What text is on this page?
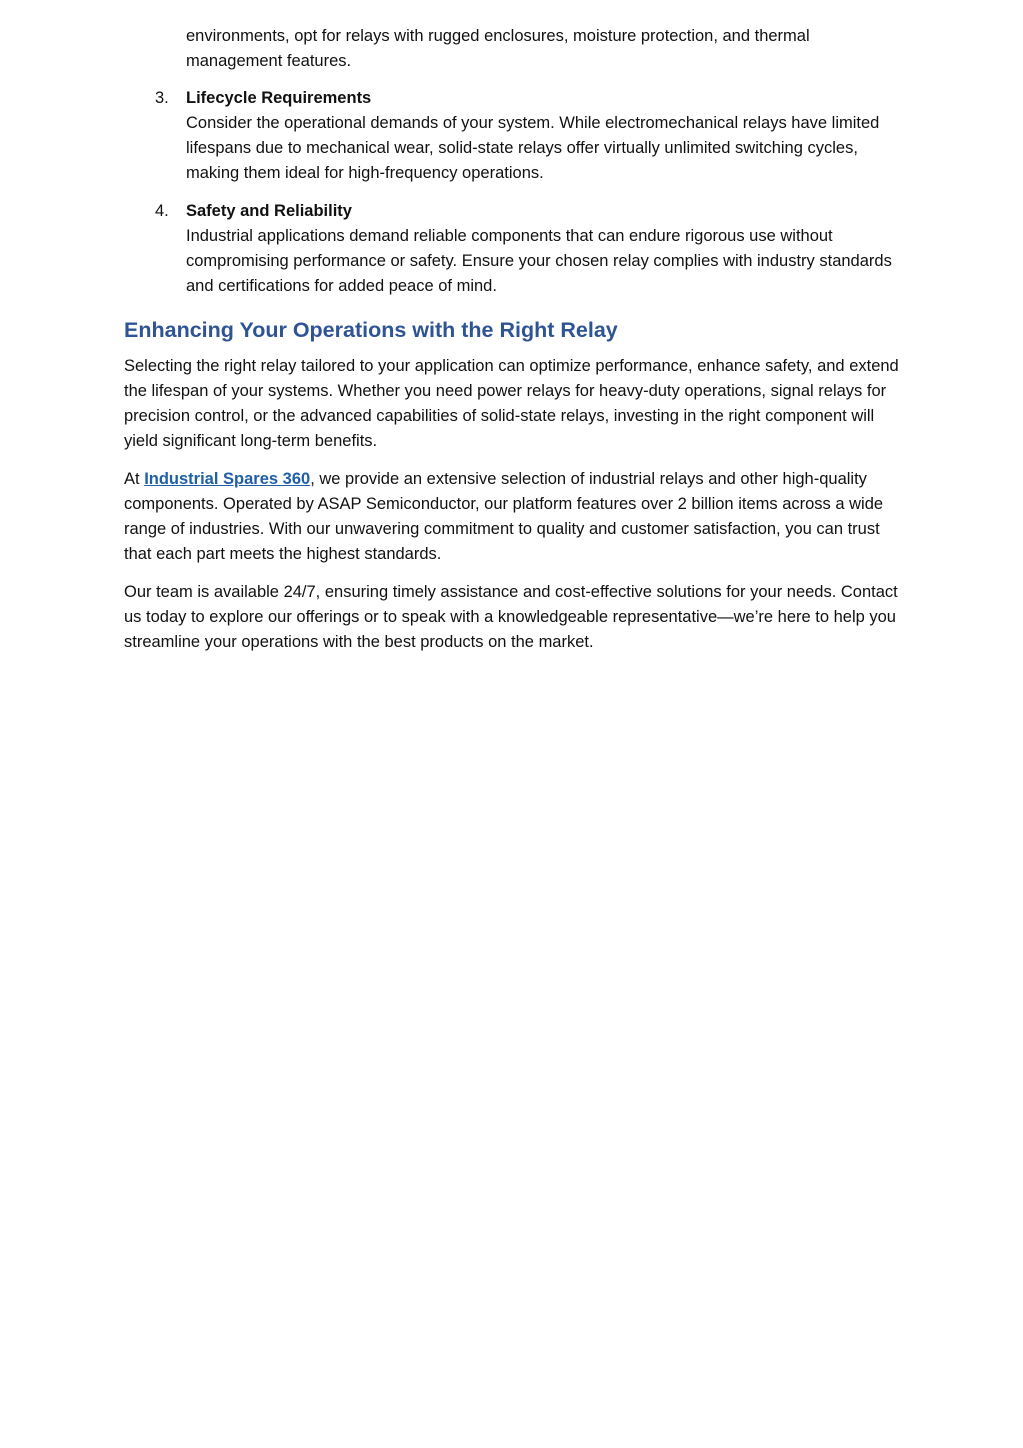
environments, opt for relays with rugged enclosures, moisture protection, and thermal management features.

3. Lifecycle Requirements
Consider the operational demands of your system. While electromechanical relays have limited lifespans due to mechanical wear, solid-state relays offer virtually unlimited switching cycles, making them ideal for high-frequency operations.
4. Safety and Reliability
Industrial applications demand reliable components that can endure rigorous use without compromising performance or safety. Ensure your chosen relay complies with industry standards and certifications for added peace of mind.
Enhancing Your Operations with the Right Relay

Selecting the right relay tailored to your application can optimize performance, enhance safety, and extend the lifespan of your systems. Whether you need power relays for heavy-duty operations, signal relays for precision control, or the advanced capabilities of solid-state relays, investing in the right component will yield significant long-term benefits.

At Industrial Spares 360, we provide an extensive selection of industrial relays and other high-quality components. Operated by ASAP Semiconductor, our platform features over 2 billion items across a wide range of industries. With our unwavering commitment to quality and customer satisfaction, you can trust that each part meets the highest standards.

Our team is available 24/7, ensuring timely assistance and cost-effective solutions for your needs. Contact us today to explore our offerings or to speak with a knowledgeable representative—we’re here to help you streamline your operations with the best products on the market.
